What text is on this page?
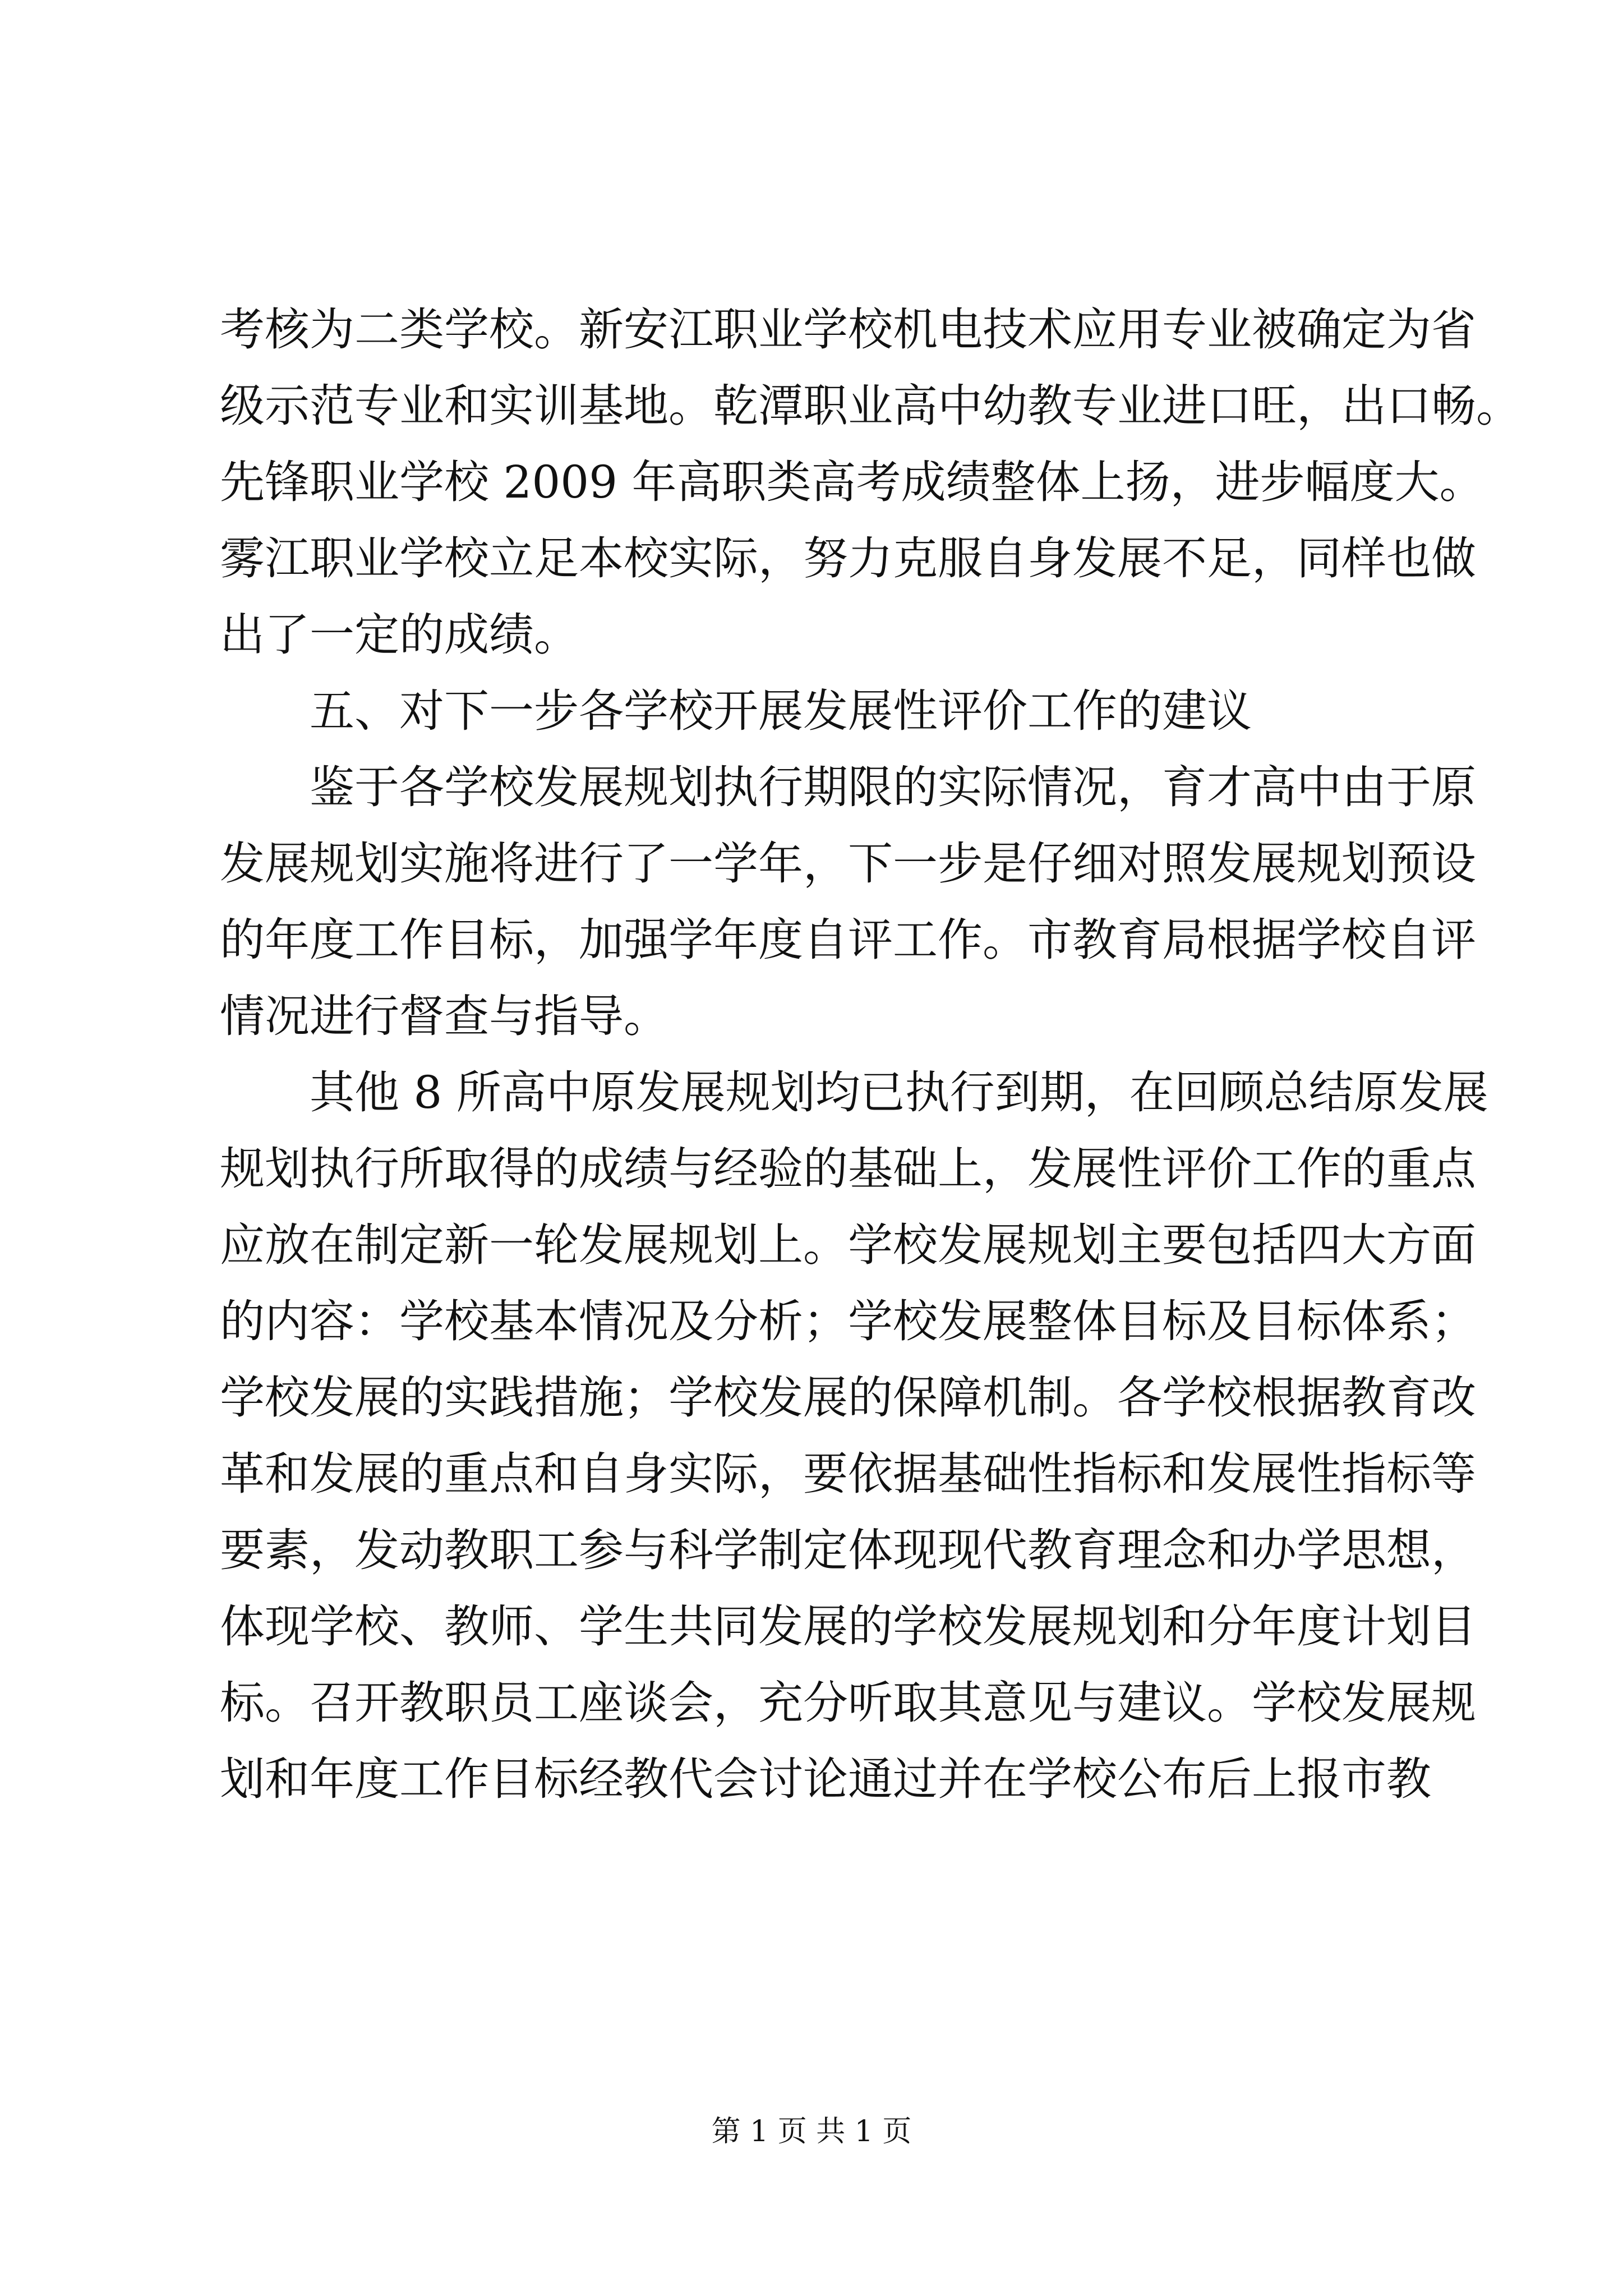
考核为二类学校。新安江职业学校机电技术应用专业被确定为省
级示范专业和实训基地。乾潭职业高中幼教专业进口旺，出口畅。
先锋职业学校 2009 年高职类高考成绩整体上扬，进步幅度大。
雾江职业学校立足本校实际，努力克服自身发展不足，同样也做
出了一定的成绩。
五、对下一步各学校开展发展性评价工作的建议
鉴于各学校发展规划执行期限的实际情况，育才高中由于原
发展规划实施将进行了一学年，下一步是仔细对照发展规划预设
的年度工作目标，加强学年度自评工作。市教育局根据学校自评
情况进行督查与指导。
其他 8 所高中原发展规划均已执行到期，在回顾总结原发展
规划执行所取得的成绩与经验的基础上，发展性评价工作的重点
应放在制定新一轮发展规划上。学校发展规划主要包括四大方面
的内容：学校基本情况及分析；学校发展整体目标及目标体系；
学校发展的实践措施；学校发展的保障机制。各学校根据教育改
革和发展的重点和自身实际，要依据基础性指标和发展性指标等
要素，发动教职工参与科学制定体现现代教育理念和办学思想，
体现学校、教师、学生共同发展的学校发展规划和分年度计划目
标。召开教职员工座谈会，充分听取其意见与建议。学校发展规
划和年度工作目标经教代会讨论通过并在学校公布后上报市教
第 1 页 共 1 页
